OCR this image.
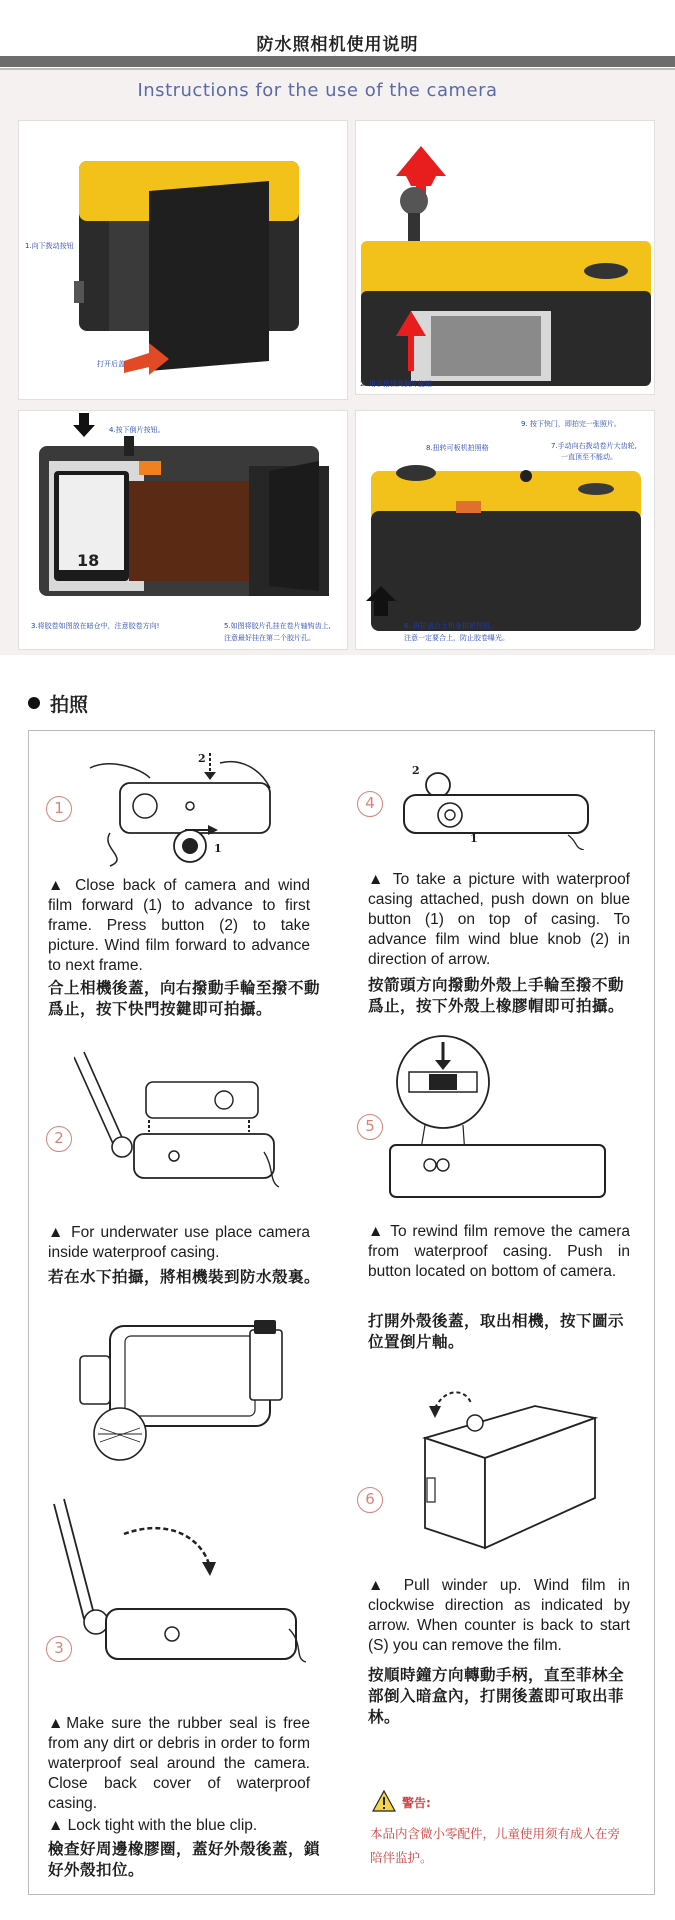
防水照相机使用说明
Instructions for the use of the camera
1.向下拨动按钮
打开后盖
2. 用手指顶高倒片旋钮
18
4.按下倒片按钮。
3.将胶卷如图放在暗仓中，注意胶卷方向!	5.如图将胶片孔挂在卷片轴钩齿上,
注意最好挂在第二个胶片孔。
9. 按下快门，即拍完一张照片。
8.扭转可板机拍照格	7.手动向右拨动卷片大齿轮,
一直顶至不能动。
6. 再拉盖合上机身扣紧按钮,
注意一定要合上，防止胶卷曝光。
拍照
2
1
1
▲ Close back of camera and wind film forward (1) to advance to first frame. Press button (2) to take picture. Wind film forward to advance to next frame.
合上相機後蓋，向右撥動手輪至撥不動爲止，按下快門按鍵即可拍攝。
2
▲ For underwater use place camera inside waterproof casing.
若在水下拍攝，將相機裝到防水殼裏。
3
▲Make sure the rubber seal is free from any dirt or debris in order to form waterproof seal around the camera. Close back cover of waterproof casing.
▲ Lock tight with the blue clip.
檢查好周邊橡膠圈，蓋好外殼後蓋，鎖好外殼扣位。
2
1
4
▲ To take a picture with waterproof casing attached, push down on blue button (1) on top of casing. To advance film wind blue knob (2) in direction of arrow.
按箭頭方向撥動外殼上手輪至撥不動爲止，按下外殼上橡膠帽即可拍攝。
5
▲ To rewind film remove the camera from waterproof casing. Push in button located on bottom of camera.
打開外殼後蓋，取出相機，按下圖示位置倒片軸。
6
▲ Pull winder up. Wind film in clockwise direction as indicated by arrow. When counter is back to start (S) you can remove the film.
按順時鐘方向轉動手柄，直至菲林全部倒入暗盒內，打開後蓋即可取出菲林。
警告:
本品内含微小零配件，儿童使用须有成人在旁陪伴监护。
